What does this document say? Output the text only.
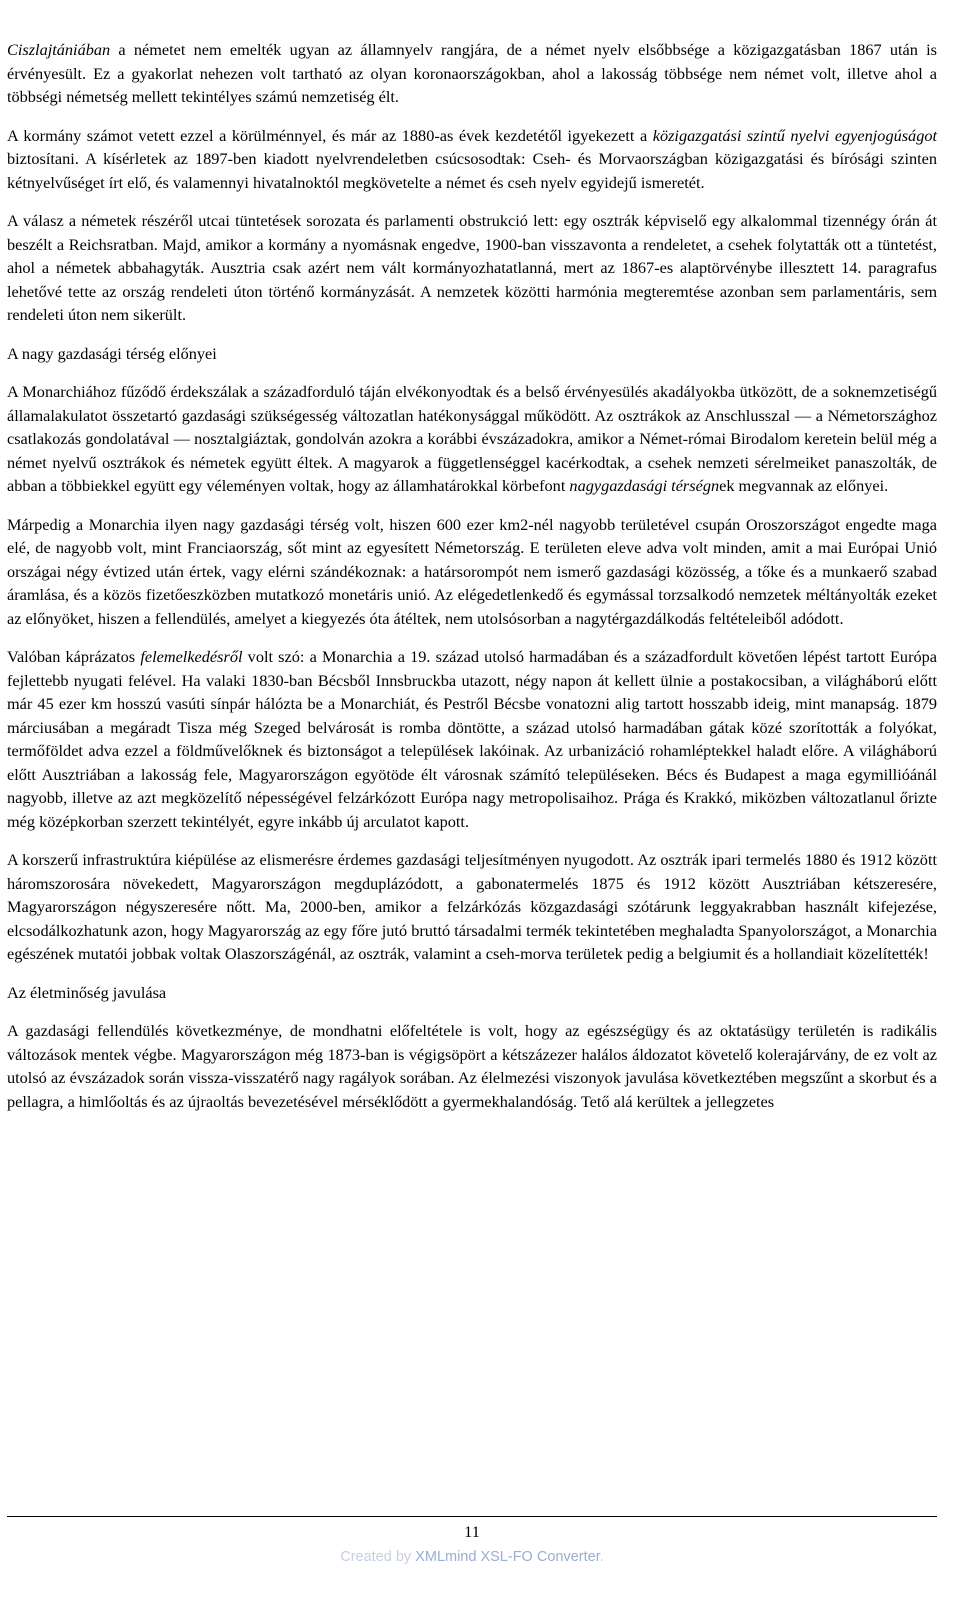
Ciszlajtániában a németet nem emelték ugyan az államnyelv rangjára, de a német nyelv elsőbbsége a közigazgatásban 1867 után is érvényesült. Ez a gyakorlat nehezen volt tartható az olyan koronaországokban, ahol a lakosság többsége nem német volt, illetve ahol a többségi németség mellett tekintélyes számú nemzetiség élt.

A kormány számot vetett ezzel a körülménnyel, és már az 1880-as évek kezdetétől igyekezett a közigazgatási szintű nyelvi egyenjogúságot biztosítani. A kísérletek az 1897-ben kiadott nyelvrendeletben csúcsosodtak: Cseh- és Morvaországban közigazgatási és bírósági szinten kétnyelvűséget írt elő, és valamennyi hivatalnoktól megkövetelte a német és cseh nyelv egyidejű ismeretét.

A válasz a németek részéről utcai tüntetések sorozata és parlamenti obstrukció lett: egy osztrák képviselő egy alkalommal tizennégy órán át beszélt a Reichsratban. Majd, amikor a kormány a nyomásnak engedve, 1900-ban visszavonta a rendeletet, a csehek folytatták ott a tüntetést, ahol a németek abbahagyták. Ausztria csak azért nem vált kormányozhatatlanná, mert az 1867-es alaptörvénybe illesztett 14. paragrafus lehetővé tette az ország rendeleti úton történő kormányzását. A nemzetek közötti harmónia megteremtése azonban sem parlamentáris, sem rendeleti úton nem sikerült.

A nagy gazdasági térség előnyei

A Monarchiához fűződő érdekszálak a századforduló táján elvékonyodtak és a belső érvényesülés akadályokba ütközött, de a soknemzetiségű államalakulatot összetartó gazdasági szükségesség változatlan hatékonysággal működött. Az osztrákok az Anschlusszal — a Németországhoz csatlakozás gondolatával — nosztalgiáztak, gondolván azokra a korábbi évszázadokra, amikor a Német-római Birodalom keretein belül még a német nyelvű osztrákok és németek együtt éltek. A magyarok a függetlenséggel kacérkodtak, a csehek nemzeti sérelmeiket panaszolták, de abban a többiekkel együtt egy véleményen voltak, hogy az államhatárokkal körbefont nagygazdasági térségnek megvannak az előnyei.

Márpedig a Monarchia ilyen nagy gazdasági térség volt, hiszen 600 ezer km2-nél nagyobb területével csupán Oroszországot engedte maga elé, de nagyobb volt, mint Franciaország, sőt mint az egyesített Németország. E területen eleve adva volt minden, amit a mai Európai Unió országai négy évtized után értek, vagy elérni szándékoznak: a határsorompót nem ismerő gazdasági közösség, a tőke és a munkaerő szabad áramlása, és a közös fizetőeszközben mutatkozó monetáris unió. Az elégedetlenkedő és egymással torzsalkodó nemzetek méltányolták ezeket az előnyöket, hiszen a fellendülés, amelyet a kiegyezés óta átéltek, nem utolsósorban a nagytérgazdálkodás feltételeiből adódott.

Valóban káprázatos felemelkedésről volt szó: a Monarchia a 19. század utolsó harmadában és a századfordult követően lépést tartott Európa fejlettebb nyugati felével. Ha valaki 1830-ban Bécsből Innsbruckba utazott, négy napon át kellett ülnie a postakocsiban, a világháború előtt már 45 ezer km hosszú vasúti sínpár hálózta be a Monarchiát, és Pestről Bécsbe vonatozni alig tartott hosszabb ideig, mint manapság. 1879 márciusában a megáradt Tisza még Szeged belvárosát is romba döntötte, a század utolsó harmadában gátak közé szorították a folyókat, termőföldet adva ezzel a földművelőknek és biztonságot a települések lakóinak. Az urbanizáció rohamléptekkel haladt előre. A világháború előtt Ausztriában a lakosság fele, Magyarországon egyötöde élt városnak számító településeken. Bécs és Budapest a maga egymillióánál nagyobb, illetve az azt megközelítő népességével felzárkózott Európa nagy metropolisaihoz. Prága és Krakkó, miközben változatlanul őrizte még középkorban szerzett tekintélyét, egyre inkább új arculatot kapott.

A korszerű infrastruktúra kiépülése az elismerésre érdemes gazdasági teljesítményen nyugodott. Az osztrák ipari termelés 1880 és 1912 között háromszorosára növekedett, Magyarországon megduplázódott, a gabonatermelés 1875 és 1912 között Ausztriában kétszeresére, Magyarországon négyszeresére nőtt. Ma, 2000-ben, amikor a felzárkózás közgazdasági szótárunk leggyakrabban használt kifejezése, elcsodálkozhatunk azon, hogy Magyarország az egy főre jutó bruttó társadalmi termék tekintetében meghaladta Spanyolországot, a Monarchia egészének mutatói jobbak voltak Olaszországénál, az osztrák, valamint a cseh-morva területek pedig a belgiumit és a hollandiait közelítették!

Az életminőség javulása

A gazdasági fellendülés következménye, de mondhatni előfeltétele is volt, hogy az egészségügy és az oktatásügy területén is radikális változások mentek végbe. Magyarországon még 1873-ban is végigsöpört a kétszázezer halálos áldozatot követelő kolerajárvány, de ez volt az utolsó az évszázadok során vissza-visszatérő nagy ragályok sorában. Az élelmezési viszonyok javulása következtében megszűnt a skorbut és a pellagra, a himlőoltás és az újraoltás bevezetésével mérséklődött a gyermekhalandóság. Tető alá kerültek a jellegzetes

11
Created by XMLmind XSL-FO Converter.
